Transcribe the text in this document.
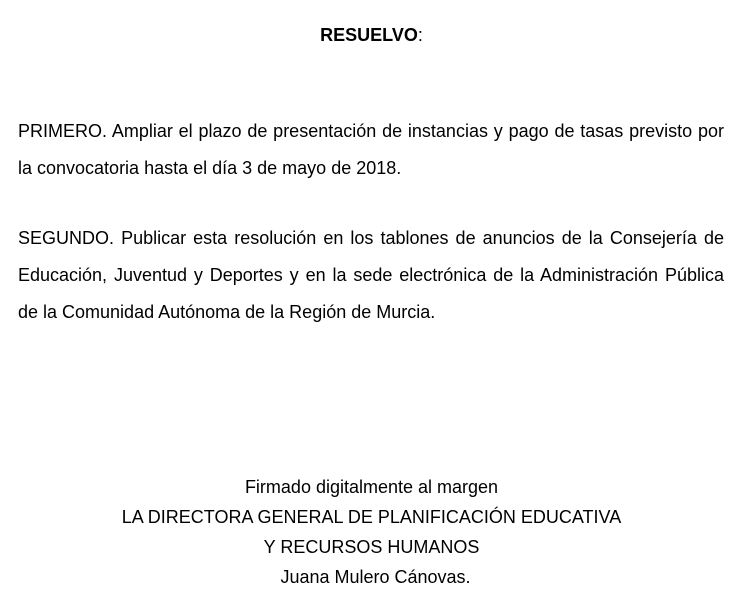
RESUELVO:

PRIMERO. Ampliar el plazo de presentación de instancias y pago de tasas previsto por la convocatoria hasta el día 3 de mayo de 2018.

SEGUNDO. Publicar esta resolución en los tablones de anuncios de la Consejería de Educación, Juventud y Deportes y en la sede electrónica de la Administración Pública de la Comunidad Autónoma de la Región de Murcia.

Firmado digitalmente al margen
LA DIRECTORA GENERAL DE PLANIFICACIÓN EDUCATIVA
Y RECURSOS HUMANOS
Juana Mulero Cánovas.
